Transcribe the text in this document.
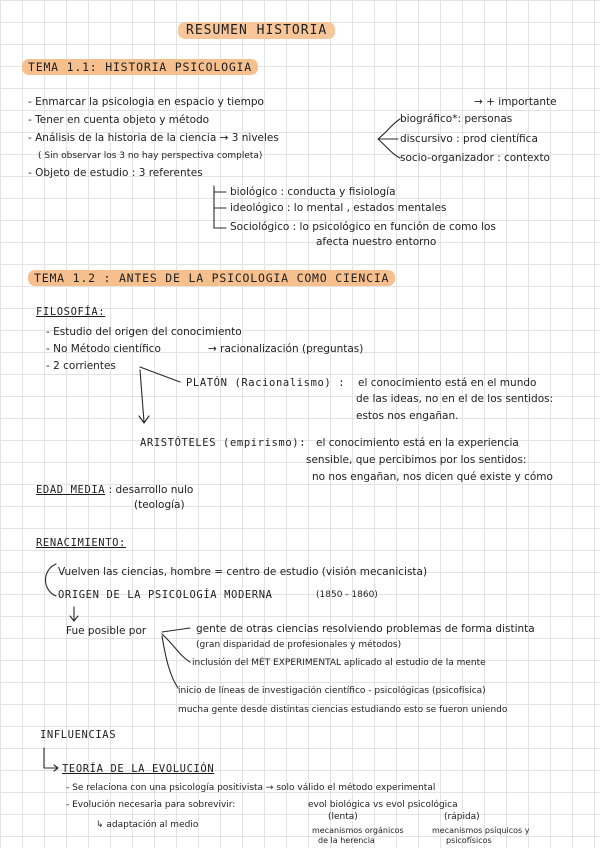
RESUMEN HISTORIA
TEMA 1.1: HISTORIA PSICOLOGIA
- Enmarcar la psicologia en espacio y tiempo
- Tener en cuenta objeto y método
- Análisis de la historia de la ciencia → 3 niveles
( Sin observar los 3 no hay perspectiva completa)
- Objeto de estudio : 3 referentes
→ + importante
biográfico*: personas
discursivo : prod científica
socio-organizador : contexto
biológico : conducta y fisiología
ideológico : lo mental , estados mentales
Sociológico : lo psicológico en función de como los
afecta nuestro entorno
TEMA 1.2 : ANTES DE LA PSICOLOGIA COMO CIENCIA
FILOSOFÍA:
- Estudio del origen del conocimiento
- No Método científico	→ racionalización (preguntas)
- 2 corrientes
PLATÓN (Racionalismo) : el conocimiento está en el mundo
de las ideas, no en el de los sentidos:
estos nos engañan.
ARISTÓTELES (empirismo): el conocimiento está en la experiencia
sensible, que percibimos por los sentidos:
no nos engañan, nos dicen qué existe y cómo
EDAD MEDIA : desarrollo nulo
(teología)
RENACIMIENTO:
Vuelven las ciencias, hombre = centro de estudio (visión mecanicista)
ORIGEN DE LA PSICOLOGÍA MODERNA	(1850 - 1860)
Fue posible por	gente de otras ciencias resolviendo problemas de forma distinta
(gran disparidad de profesionales y métodos)
inclusión del MÉT EXPERIMENTAL aplicado al estudio de la mente
inicio de líneas de investigación científico - psicológicas (psicofísica)
mucha gente desde distintas ciencias estudiando esto se fueron uniendo
INFLUENCIAS
TEORÍA DE LA EVOLUCIÓN
- Se relaciona con una psicología positivista → solo válido el método experimental
- Evolución necesaria para sobrevivir:	evol biológica vs evol psicológica
↳ adaptación al medio
(lenta)	(rápida)
mecanismos orgánicos
de la herencia
mecanismos psíquicos y
psicofísicos
